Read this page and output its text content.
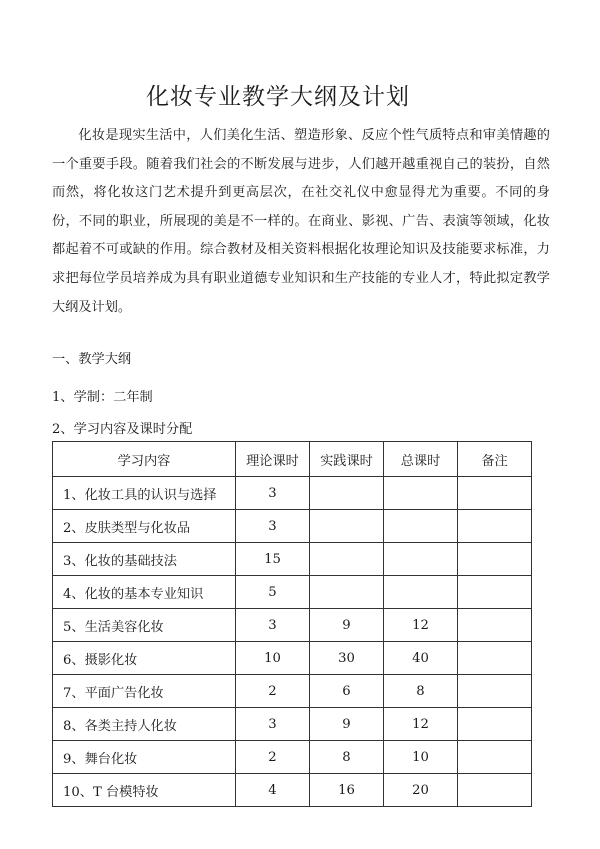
化妆专业教学大纲及计划

化妆是现实生活中，人们美化生活、塑造形象、反应个性气质特点和审美情趣的一个重要手段。随着我们社会的不断发展与进步，人们越开越重视自己的装扮，自然而然，将化妆这门艺术提升到更高层次，在社交礼仪中愈显得尤为重要。不同的身份，不同的职业，所展现的美是不一样的。在商业、影视、广告、表演等领域，化妆都起着不可或缺的作用。综合教材及相关资料根据化妆理论知识及技能要求标准，力求把每位学员培养成为具有职业道德专业知识和生产技能的专业人才，特此拟定教学大纲及计划。

一、教学大纲
1、学制：二年制
2、学习内容及课时分配
学习内容	理论课时	实践课时	总课时	备注
1、化妆工具的认识与选择	3			
2、皮肤类型与化妆品	3			
3、化妆的基础技法	15			
4、化妆的基本专业知识	5			
5、生活美容化妆	3	9	12	
6、摄影化妆	10	30	40	
7、平面广告化妆	2	6	8	
8、各类主持人化妆	3	9	12	
9、舞台化妆	2	8	10	
10、T 台模特妆	4	16	20	
